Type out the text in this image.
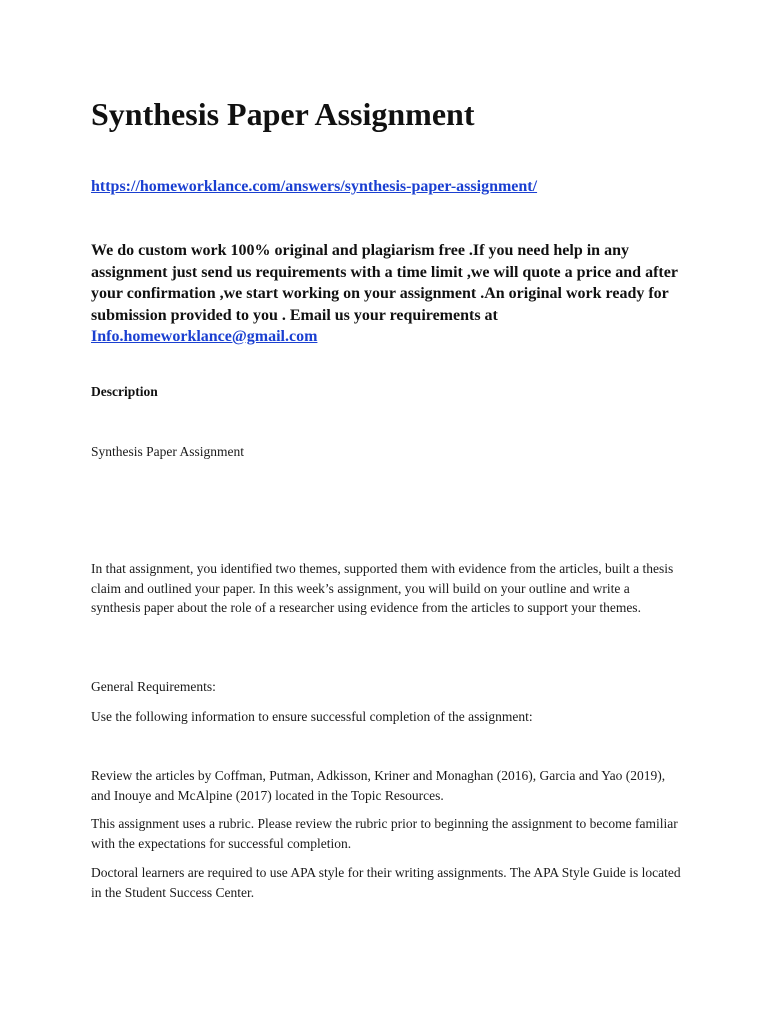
Synthesis Paper Assignment
https://homeworklance.com/answers/synthesis-paper-assignment/

We do custom work 100% original and plagiarism free .If you need help in any assignment just send us requirements with a time limit ,we will quote a price and after your confirmation ,we start working on your assignment .An original work ready for submission provided to you . Email us your requirements at
Info.homeworklance@gmail.com

Description

Synthesis Paper Assignment

In that assignment, you identified two themes, supported them with evidence from the articles, built a thesis claim and outlined your paper. In this week’s assignment, you will build on your outline and write a synthesis paper about the role of a researcher using evidence from the articles to support your themes.

General Requirements:

Use the following information to ensure successful completion of the assignment:

Review the articles by Coffman, Putman, Adkisson, Kriner and Monaghan (2016), Garcia and Yao (2019), and Inouye and McAlpine (2017) located in the Topic Resources.

This assignment uses a rubric. Please review the rubric prior to beginning the assignment to become familiar with the expectations for successful completion.

Doctoral learners are required to use APA style for their writing assignments. The APA Style Guide is located in the Student Success Center.
